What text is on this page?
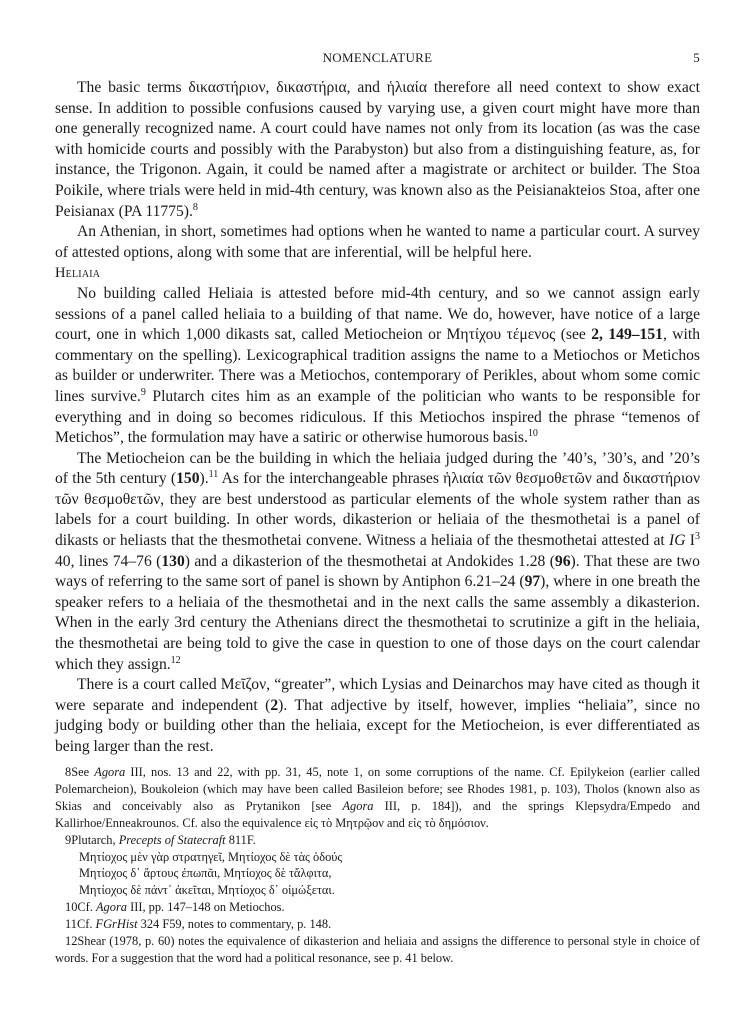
NOMENCLATURE	5

The basic terms δικαστήριον, δικαστήρια, and ἡλιαία therefore all need context to show exact sense. In addition to possible confusions caused by varying use, a given court might have more than one generally recognized name. A court could have names not only from its location (as was the case with homicide courts and possibly with the Parabyston) but also from a distinguishing feature, as, for instance, the Trigonon. Again, it could be named after a magistrate or architect or builder. The Stoa Poikile, where trials were held in mid-4th century, was known also as the Peisianakteios Stoa, after one Peisianax (PA 11775).$^8$

An Athenian, in short, sometimes had options when he wanted to name a particular court. A survey of attested options, along with some that are inferential, will be helpful here.

Heliaia

No building called Heliaia is attested before mid-4th century, and so we cannot assign early sessions of a panel called heliaia to a building of that name. We do, however, have notice of a large court, one in which 1,000 dikasts sat, called Metiocheion or Μητίχου τέμενος (see 2, 149–151, with commentary on the spelling). Lexicographical tradition assigns the name to a Metiochos or Metichos as builder or underwriter. There was a Metiochos, contemporary of Perikles, about whom some comic lines survive.$^9$ Plutarch cites him as an example of the politician who wants to be responsible for everything and in doing so becomes ridiculous. If this Metiochos inspired the phrase “temenos of Metichos”, the formulation may have a satiric or otherwise humorous basis.$^{10}$

The Metiocheion can be the building in which the heliaia judged during the ’40’s, ’30’s, and ’20’s of the 5th century (150).$^{11}$ As for the interchangeable phrases ἡλιαία τῶν θεσμοθετῶν and δικαστήριον τῶν θεσμοθετῶν, they are best understood as particular elements of the whole system rather than as labels for a court building. In other words, dikasterion or heliaia of the thesmothetai is a panel of dikasts or heliasts that the thesmothetai convene. Witness a heliaia of the thesmothetai attested at IG $I^3$ 40, lines 74–76 (130) and a dikasterion of the thesmothetai at Andokides 1.28 (96). That these are two ways of referring to the same sort of panel is shown by Antiphon 6.21–24 (97), where in one breath the speaker refers to a heliaia of the thesmothetai and in the next calls the same assembly a dikasterion. When in the early 3rd century the Athenians direct the thesmothetai to scrutinize a gift in the heliaia, the thesmothetai are being told to give the case in question to one of those days on the court calendar which they assign.$^{12}$

There is a court called Μεῖζον, “greater”, which Lysias and Deinarchos may have cited as though it were separate and independent (2). That adjective by itself, however, implies “heliaia”, since no judging body or building other than the heliaia, except for the Metiocheion, is ever differentiated as being larger than the rest.

8See Agora III, nos. 13 and 22, with pp. 31, 45, note 1, on some corruptions of the name. Cf. Epilykeion (earlier called Polemarcheion), Boukoleion (which may have been called Basileion before; see Rhodes 1981, p. 103), Tholos (known also as Skias and conceivably also as Prytanikon [see Agora III, p. 184]), and the springs Klepsydra/Empedo and Kallirhoe/Enneakrounos. Cf. also the equivalence εἰς τὸ Μητρῷον and εἰς τὸ δημόσιον.

9Plutarch, Precepts of Statecraft 811F.

Μητίοχος μὲν γὰρ στρατηγεῖ, Μητίοχος δὲ τὰς ὁδούς

Μητίοχος δ᾽ ἄρτους ἐπωπᾶι, Μητίοχος δὲ τἄλφιτα,

Μητίοχος δὲ πάντ᾽ ἀκεῖται, Μητίοχος δ᾽ οἰμώξεται.

10Cf. Agora III, pp. 147–148 on Metiochos.

11Cf. FGrHist 324 F59, notes to commentary, p. 148.

12Shear (1978, p. 60) notes the equivalence of dikasterion and heliaia and assigns the difference to personal style in choice of words. For a suggestion that the word had a political resonance, see p. 41 below.
